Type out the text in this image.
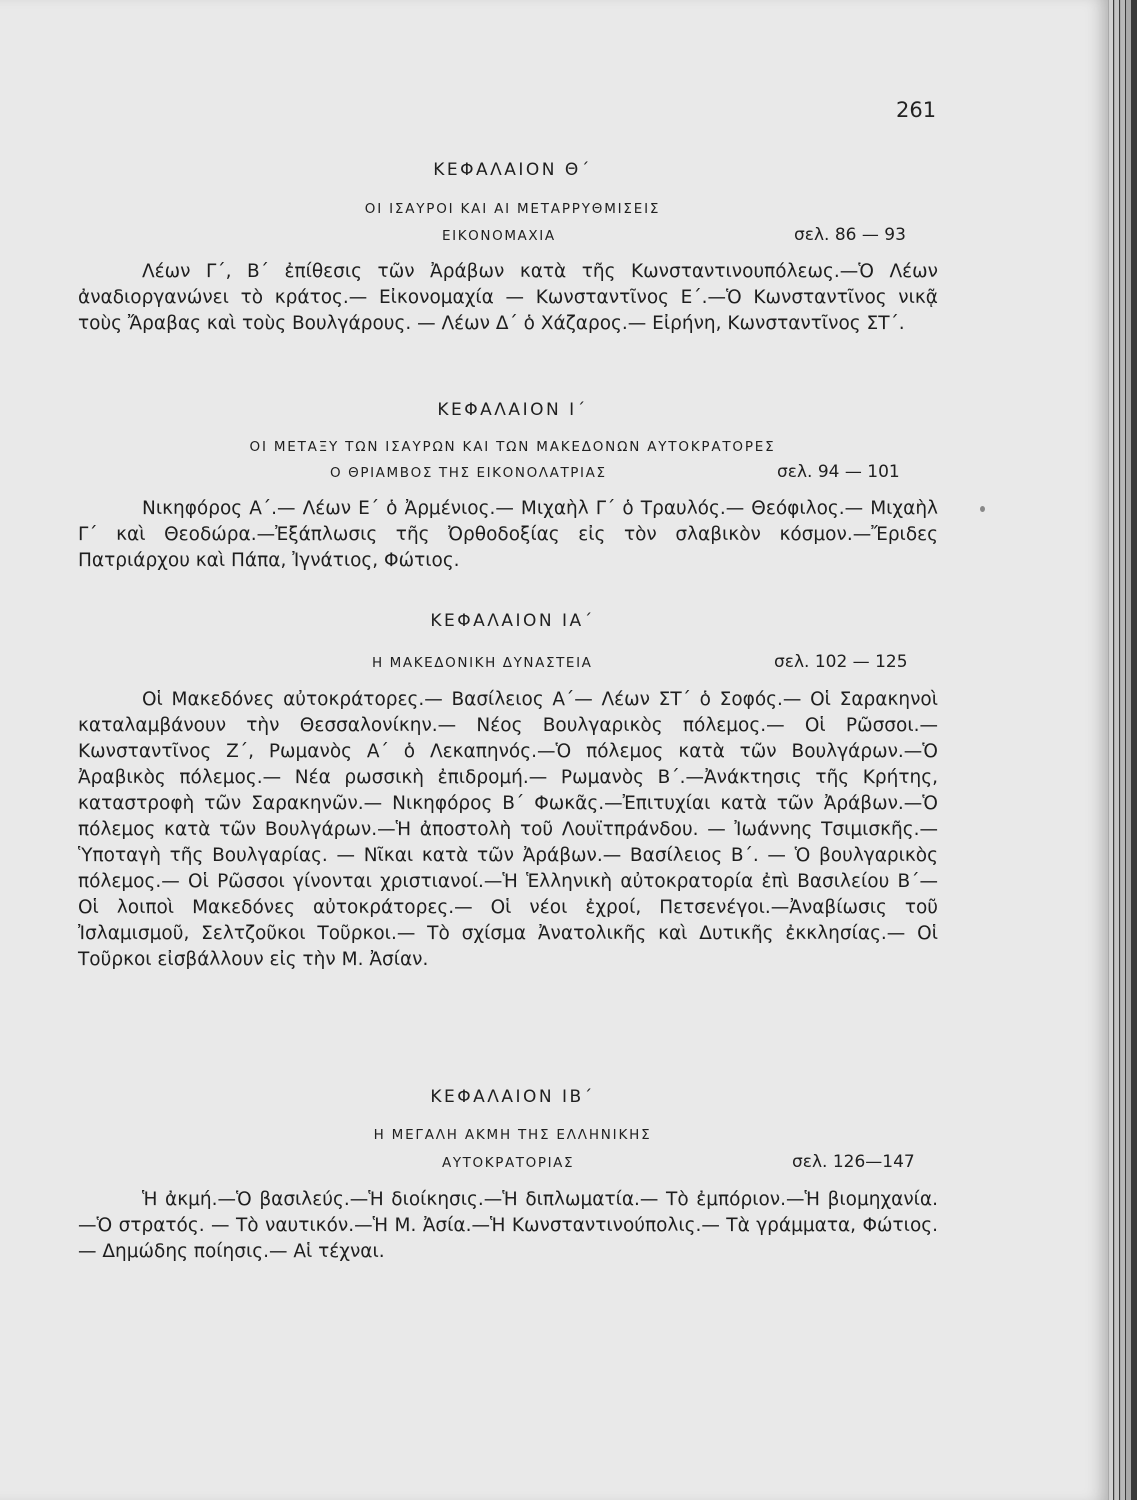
261
ΚΕΦΑΛΑΙΟΝ Θ΄
ΟΙ ΙΣΑΥΡΟΙ ΚΑΙ ΑΙ ΜΕΤΑΡΡΥΘΜΙΣΕΙΣ
ΕΙΚΟΝΟΜΑΧΙΑ	σελ. 86 — 93

Λέων Γ΄, Β΄ ἐπίθεσις τῶν Ἀράβων κατὰ τῆς Κωνσταντινουπόλεως.—Ὁ Λέων ἀναδιοργανώνει τὸ κράτος.— Εἰκονομαχία — Κωνσταντῖνος Ε΄.—Ὁ Κωνσταντῖνος νικᾷ τοὺς Ἄραβας καὶ τοὺς Βουλγάρους. — Λέων Δ΄ ὁ Χάζαρος.— Εἰρήνη, Κωνσταντῖνος ΣΤ΄.

ΚΕΦΑΛΑΙΟΝ Ι΄
ΟΙ ΜΕΤΑΞΥ ΤΩΝ ΙΣΑΥΡΩΝ ΚΑΙ ΤΩΝ ΜΑΚΕΔΟΝΩΝ ΑΥΤΟΚΡΑΤΟΡΕΣ
Ο ΘΡΙΑΜΒΟΣ ΤΗΣ ΕΙΚΟΝΟΛΑΤΡΙΑΣ	σελ. 94 — 101

Νικηφόρος Α΄.— Λέων Ε΄ ὁ Ἀρμένιος.— Μιχαὴλ Γ΄ ὁ Τραυλός.— Θεόφιλος.— Μιχαὴλ Γ΄ καὶ Θεοδώρα.—Ἐξάπλωσις τῆς Ὀρθοδοξίας εἰς τὸν σλαβικὸν κόσμον.—Ἔριδες Πατριάρχου καὶ Πάπα, Ἰγνάτιος, Φώτιος.

ΚΕΦΑΛΑΙΟΝ ΙΑ΄
Η ΜΑΚΕΔΟΝΙΚΗ ΔΥΝΑΣΤΕΙΑ	σελ. 102 — 125

Οἱ Μακεδόνες αὐτοκράτορες.— Βασίλειος Α΄— Λέων ΣΤ΄ ὁ Σοφός.— Οἱ Σαρακηνοὶ καταλαμβάνουν τὴν Θεσσαλονίκην.— Νέος Βουλγαρικὸς πόλεμος.— Οἱ Ρῶσσοι.— Κωνσταντῖνος Ζ΄, Ρωμανὸς Α΄ ὁ Λεκαπηνός.—Ὁ πόλεμος κατὰ τῶν Βουλγάρων.—Ὁ Ἀραβικὸς πόλεμος.— Νέα ρωσσικὴ ἐπιδρομή.— Ρωμανὸς Β΄.—Ἀνάκτησις τῆς Κρήτης, καταστροφὴ τῶν Σαρακηνῶν.— Νικηφόρος Β΄ Φωκᾶς.—Ἐπιτυχίαι κατὰ τῶν Ἀράβων.—Ὁ πόλεμος κατὰ τῶν Βουλγάρων.—Ἡ ἀποστολὴ τοῦ Λουϊτπράνδου. — Ἰωάννης Τσιμισκῆς.— Ὑποταγὴ τῆς Βουλγαρίας. — Νῖκαι κατὰ τῶν Ἀράβων.— Βασίλειος Β΄. — Ὁ βουλγαρικὸς πόλεμος.— Οἱ Ρῶσσοι γίνονται χριστιανοί.—Ἡ Ἑλληνικὴ αὐτοκρατορία ἐπὶ Βασιλείου Β΄— Οἱ λοιποὶ Μακεδόνες αὐτοκράτορες.— Οἱ νέοι ἐχροί, Πετσενέγοι.—Ἀναβίωσις τοῦ Ἰσλαμισμοῦ, Σελτζοῦκοι Τοῦρκοι.— Τὸ σχίσμα Ἀνατολικῆς καὶ Δυτικῆς ἐκκλησίας.— Οἱ Τοῦρκοι εἰσβάλλουν εἰς τὴν Μ. Ἀσίαν.

ΚΕΦΑΛΑΙΟΝ ΙΒ΄
Η ΜΕΓΑΛΗ ΑΚΜΗ ΤΗΣ ΕΛΛΗΝΙΚΗΣ
ΑΥΤΟΚΡΑΤΟΡΙΑΣ	σελ. 126—147

Ἡ ἀκμή.—Ὁ βασιλεύς.—Ἡ διοίκησις.—Ἡ διπλωματία.— Τὸ ἐμπόριον.—Ἡ βιομηχανία.—Ὁ στρατός. — Τὸ ναυτικόν.—Ἡ Μ. Ἀσία.—Ἡ Κωνσταντινούπολις.— Τὰ γράμματα, Φώτιος.— Δημώδης ποίησις.— Αἱ τέχναι.
